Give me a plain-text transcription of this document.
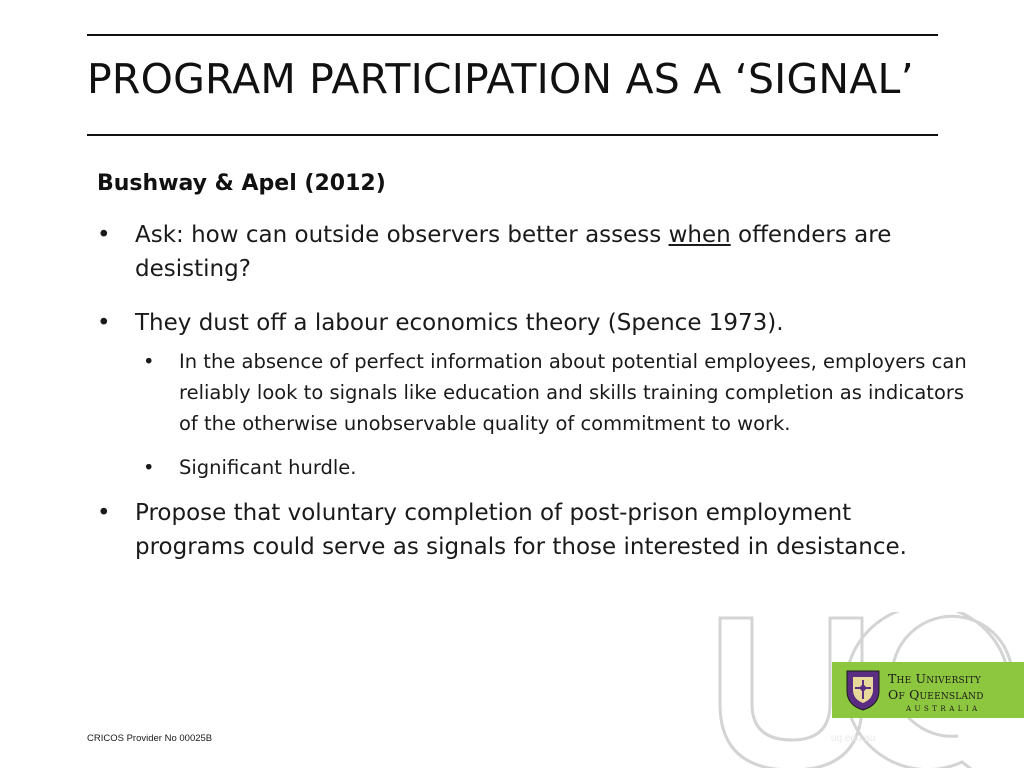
PROGRAM PARTICIPATION AS A ‘SIGNAL’
Bushway & Apel (2012)
• Ask: how can outside observers better assess when offenders are desisting?
• They dust off a labour economics theory (Spence 1973).
• In the absence of perfect information about potential employees, employers can reliably look to signals like education and skills training completion as indicators of the otherwise unobservable quality of commitment to work.
• Significant hurdle.
• Propose that voluntary completion of post-prison employment programs could serve as signals for those interested in desistance.
The University
Of Queensland
AUSTRALIA
CRICOS Provider No 00025B	uq.edu.au
